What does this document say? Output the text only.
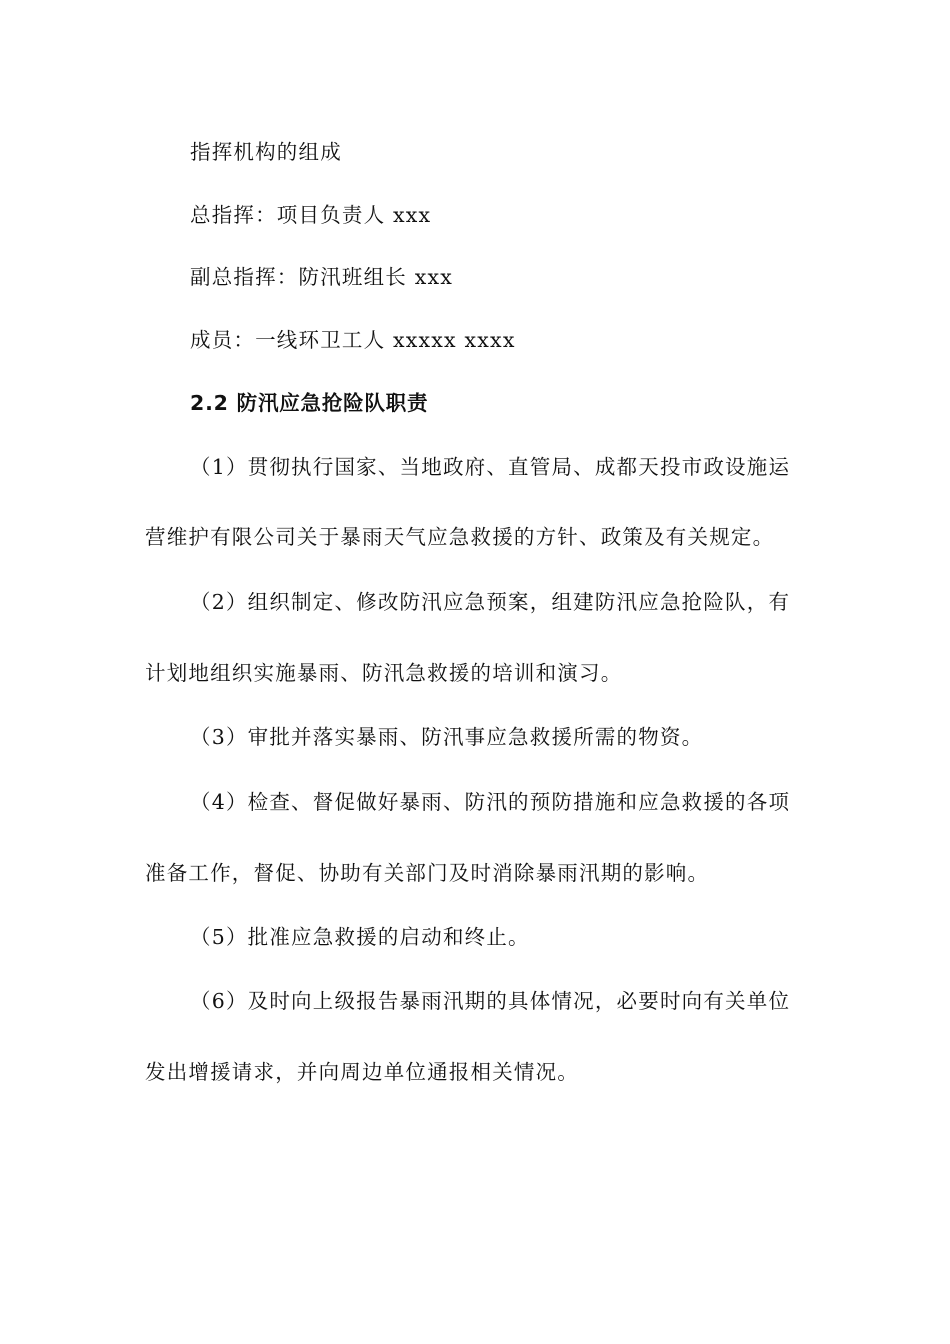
指挥机构的组成
总指挥：项目负责人 xxx
副总指挥：防汛班组长 xxx
成员：一线环卫工人 xxxxx xxxx
2.2 防汛应急抢险队职责
（1）贯彻执行国家、当地政府、直管局、成都天投市政设施运
营维护有限公司关于暴雨天气应急救援的方针、政策及有关规定。
（2）组织制定、修改防汛应急预案，组建防汛应急抢险队，有
计划地组织实施暴雨、防汛急救援的培训和演习。
（3）审批并落实暴雨、防汛事应急救援所需的物资。
（4）检查、督促做好暴雨、防汛的预防措施和应急救援的各项
准备工作，督促、协助有关部门及时消除暴雨汛期的影响。
（5）批准应急救援的启动和终止。
（6）及时向上级报告暴雨汛期的具体情况，必要时向有关单位
发出增援请求，并向周边单位通报相关情况。
